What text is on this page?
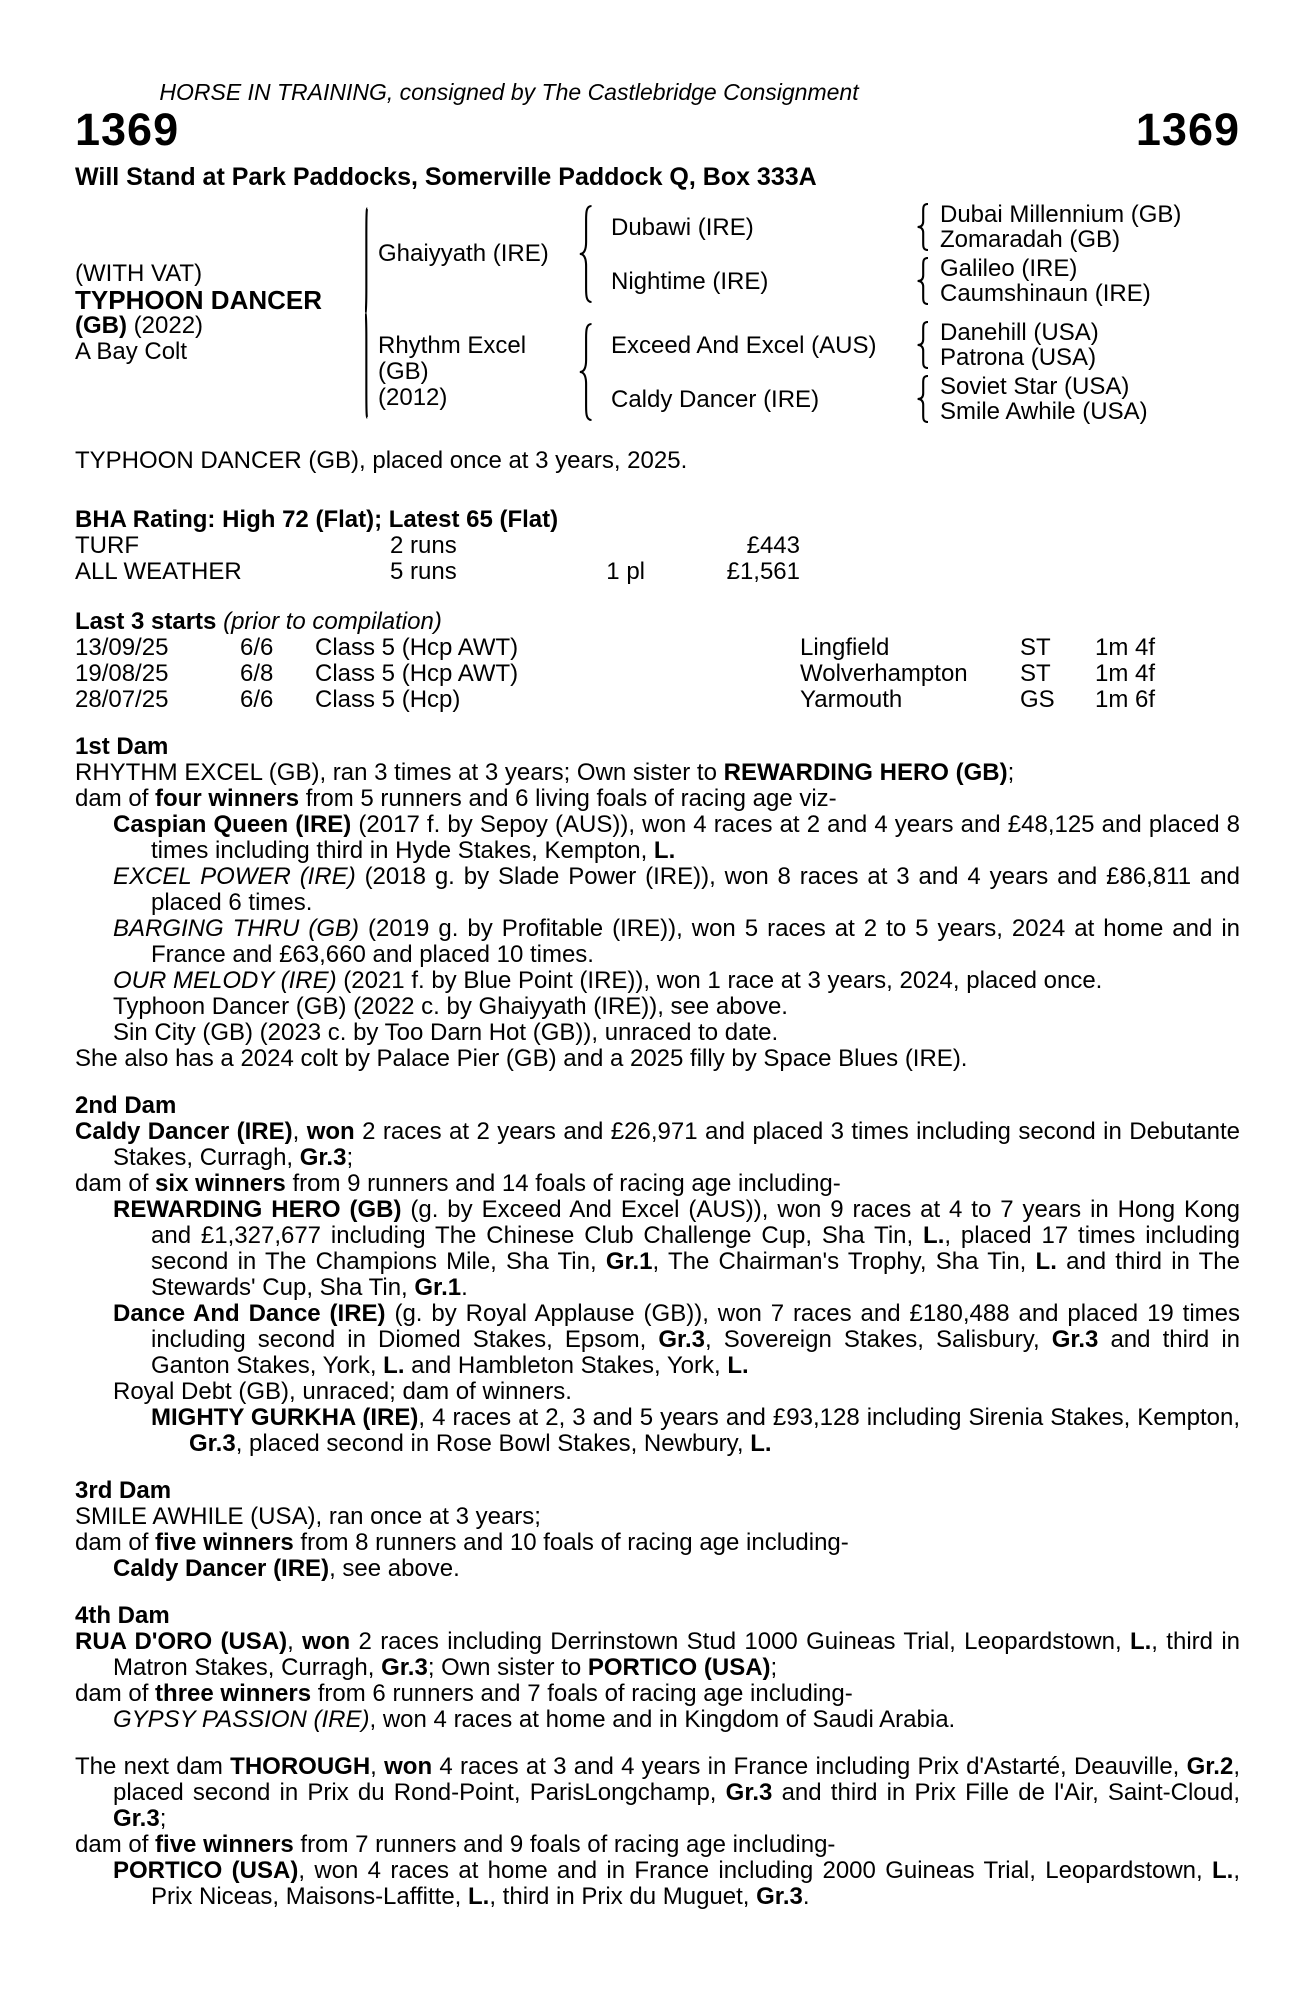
HORSE IN TRAINING, consigned by The Castlebridge Consignment
1369	1369
Will Stand at Park Paddocks, Somerville Paddock Q, Box 333A
(WITH VAT)
TYPHOON DANCER
(GB) (2022)
A Bay Colt
Ghaiyyath (IRE)
Dubawi (IRE)	Dubai Millennium (GB)
Zomaradah (GB)
Nightime (IRE)	Galileo (IRE)
Caumshinaun (IRE)
Rhythm Excel (GB)
(2012)
Exceed And Excel (AUS)	Danehill (USA)
Patrona (USA)
Caldy Dancer (IRE)	Soviet Star (USA)
Smile Awhile (USA)
TYPHOON DANCER (GB), placed once at 3 years, 2025.
BHA Rating: High 72 (Flat); Latest 65 (Flat)
TURF	2 runs	£443
ALL WEATHER	5 runs	1 pl	£1,561
Last 3 starts (prior to compilation)
13/09/25	6/6	Class 5 (Hcp AWT)	Lingfield	ST	1m 4f
19/08/25	6/8	Class 5 (Hcp AWT)	Wolverhampton	ST	1m 4f
28/07/25	6/6	Class 5 (Hcp)	Yarmouth	GS	1m 6f
1st Dam
RHYTHM EXCEL (GB), ran 3 times at 3 years; Own sister to REWARDING HERO (GB);
dam of four winners from 5 runners and 6 living foals of racing age viz-
Caspian Queen (IRE) (2017 f. by Sepoy (AUS)), won 4 races at 2 and 4 years and £48,125 and placed 8 times including third in Hyde Stakes, Kempton, L.
EXCEL POWER (IRE) (2018 g. by Slade Power (IRE)), won 8 races at 3 and 4 years and £86,811 and placed 6 times.
BARGING THRU (GB) (2019 g. by Profitable (IRE)), won 5 races at 2 to 5 years, 2024 at home and in France and £63,660 and placed 10 times.
OUR MELODY (IRE) (2021 f. by Blue Point (IRE)), won 1 race at 3 years, 2024, placed once.
Typhoon Dancer (GB) (2022 c. by Ghaiyyath (IRE)), see above.
Sin City (GB) (2023 c. by Too Darn Hot (GB)), unraced to date.
She also has a 2024 colt by Palace Pier (GB) and a 2025 filly by Space Blues (IRE).
2nd Dam
Caldy Dancer (IRE), won 2 races at 2 years and £26,971 and placed 3 times including second in Debutante Stakes, Curragh, Gr.3;
dam of six winners from 9 runners and 14 foals of racing age including-
REWARDING HERO (GB) (g. by Exceed And Excel (AUS)), won 9 races at 4 to 7 years in Hong Kong and £1,327,677 including The Chinese Club Challenge Cup, Sha Tin, L., placed 17 times including second in The Champions Mile, Sha Tin, Gr.1, The Chairman's Trophy, Sha Tin, L. and third in The Stewards' Cup, Sha Tin, Gr.1.
Dance And Dance (IRE) (g. by Royal Applause (GB)), won 7 races and £180,488 and placed 19 times including second in Diomed Stakes, Epsom, Gr.3, Sovereign Stakes, Salisbury, Gr.3 and third in Ganton Stakes, York, L. and Hambleton Stakes, York, L.
Royal Debt (GB), unraced; dam of winners.
MIGHTY GURKHA (IRE), 4 races at 2, 3 and 5 years and £93,128 including Sirenia Stakes, Kempton, Gr.3, placed second in Rose Bowl Stakes, Newbury, L.
3rd Dam
SMILE AWHILE (USA), ran once at 3 years;
dam of five winners from 8 runners and 10 foals of racing age including-
Caldy Dancer (IRE), see above.
4th Dam
RUA D'ORO (USA), won 2 races including Derrinstown Stud 1000 Guineas Trial, Leopardstown, L., third in Matron Stakes, Curragh, Gr.3; Own sister to PORTICO (USA);
dam of three winners from 6 runners and 7 foals of racing age including-
GYPSY PASSION (IRE), won 4 races at home and in Kingdom of Saudi Arabia.
The next dam THOROUGH, won 4 races at 3 and 4 years in France including Prix d'Astarté, Deauville, Gr.2, placed second in Prix du Rond-Point, ParisLongchamp, Gr.3 and third in Prix Fille de l'Air, Saint-Cloud, Gr.3;
dam of five winners from 7 runners and 9 foals of racing age including-
PORTICO (USA), won 4 races at home and in France including 2000 Guineas Trial, Leopardstown, L., Prix Niceas, Maisons-Laffitte, L., third in Prix du Muguet, Gr.3.
